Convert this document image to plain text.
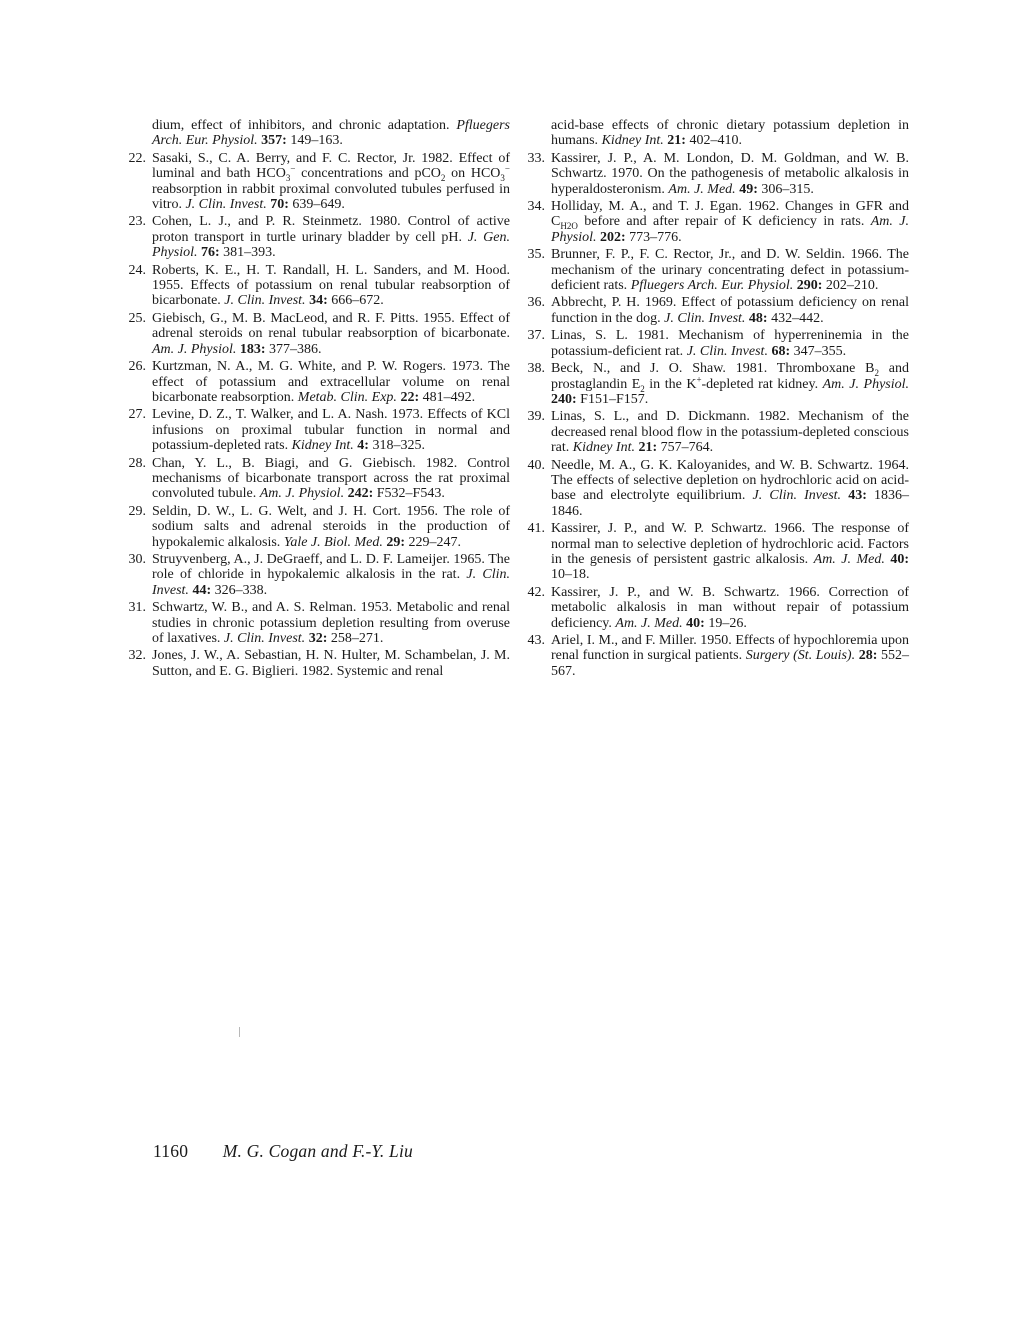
dium, effect of inhibitors, and chronic adaptation. Pfluegers Arch. Eur. Physiol. 357: 149–163.
22. Sasaki, S., C. A. Berry, and F. C. Rector, Jr. 1982. Effect of luminal and bath $HCO_3^-$ concentrations and pCO$_2$ on $HCO_3^-$ reabsorption in rabbit proximal convoluted tubules perfused in vitro. J. Clin. Invest. 70: 639–649.
23. Cohen, L. J., and P. R. Steinmetz. 1980. Control of active proton transport in turtle urinary bladder by cell pH. J. Gen. Physiol. 76: 381–393.
24. Roberts, K. E., H. T. Randall, H. L. Sanders, and M. Hood. 1955. Effects of potassium on renal tubular reabsorption of bicarbonate. J. Clin. Invest. 34: 666–672.
25. Giebisch, G., M. B. MacLeod, and R. F. Pitts. 1955. Effect of adrenal steroids on renal tubular reabsorption of bicarbonate. Am. J. Physiol. 183: 377–386.
26. Kurtzman, N. A., M. G. White, and P. W. Rogers. 1973. The effect of potassium and extracellular volume on renal bicarbonate reabsorption. Metab. Clin. Exp. 22: 481–492.
27. Levine, D. Z., T. Walker, and L. A. Nash. 1973. Effects of KCl infusions on proximal tubular function in normal and potassium-depleted rats. Kidney Int. 4: 318–325.
28. Chan, Y. L., B. Biagi, and G. Giebisch. 1982. Control mechanisms of bicarbonate transport across the rat proximal convoluted tubule. Am. J. Physiol. 242: F532–F543.
29. Seldin, D. W., L. G. Welt, and J. H. Cort. 1956. The role of sodium salts and adrenal steroids in the production of hypokalemic alkalosis. Yale J. Biol. Med. 29: 229–247.
30. Struyvenberg, A., J. DeGraeff, and L. D. F. Lameijer. 1965. The role of chloride in hypokalemic alkalosis in the rat. J. Clin. Invest. 44: 326–338.
31. Schwartz, W. B., and A. S. Relman. 1953. Metabolic and renal studies in chronic potassium depletion resulting from overuse of laxatives. J. Clin. Invest. 32: 258–271.
32. Jones, J. W., A. Sebastian, H. N. Hulter, M. Schambelan, J. M. Sutton, and E. G. Biglieri. 1982. Systemic and renal
acid-base effects of chronic dietary potassium depletion in humans. Kidney Int. 21: 402–410.
33. Kassirer, J. P., A. M. London, D. M. Goldman, and W. B. Schwartz. 1970. On the pathogenesis of metabolic alkalosis in hyperaldosteronism. Am. J. Med. 49: 306–315.
34. Holliday, M. A., and T. J. Egan. 1962. Changes in GFR and $C_{H2O}$ before and after repair of K deficiency in rats. Am. J. Physiol. 202: 773–776.
35. Brunner, F. P., F. C. Rector, Jr., and D. W. Seldin. 1966. The mechanism of the urinary concentrating defect in potassium-deficient rats. Pfluegers Arch. Eur. Physiol. 290: 202–210.
36. Abbrecht, P. H. 1969. Effect of potassium deficiency on renal function in the dog. J. Clin. Invest. 48: 432–442.
37. Linas, S. L. 1981. Mechanism of hyperreninemia in the potassium-deficient rat. J. Clin. Invest. 68: 347–355.
38. Beck, N., and J. O. Shaw. 1981. Thromboxane $B_2$ and prostaglandin $E_2$ in the K+-depleted rat kidney. Am. J. Physiol. 240: F151–F157.
39. Linas, S. L., and D. Dickmann. 1982. Mechanism of the decreased renal blood flow in the potassium-depleted conscious rat. Kidney Int. 21: 757–764.
40. Needle, M. A., G. K. Kaloyanides, and W. B. Schwartz. 1964. The effects of selective depletion on hydrochloric acid on acid-base and electrolyte equilibrium. J. Clin. Invest. 43: 1836–1846.
41. Kassirer, J. P., and W. P. Schwartz. 1966. The response of normal man to selective depletion of hydrochloric acid. Factors in the genesis of persistent gastric alkalosis. Am. J. Med. 40: 10–18.
42. Kassirer, J. P., and W. B. Schwartz. 1966. Correction of metabolic alkalosis in man without repair of potassium deficiency. Am. J. Med. 40: 19–26.
43. Ariel, I. M., and F. Miller. 1950. Effects of hypochloremia upon renal function in surgical patients. Surgery (St. Louis). 28: 552–567.
1160 M. G. Cogan and F.-Y. Liu
